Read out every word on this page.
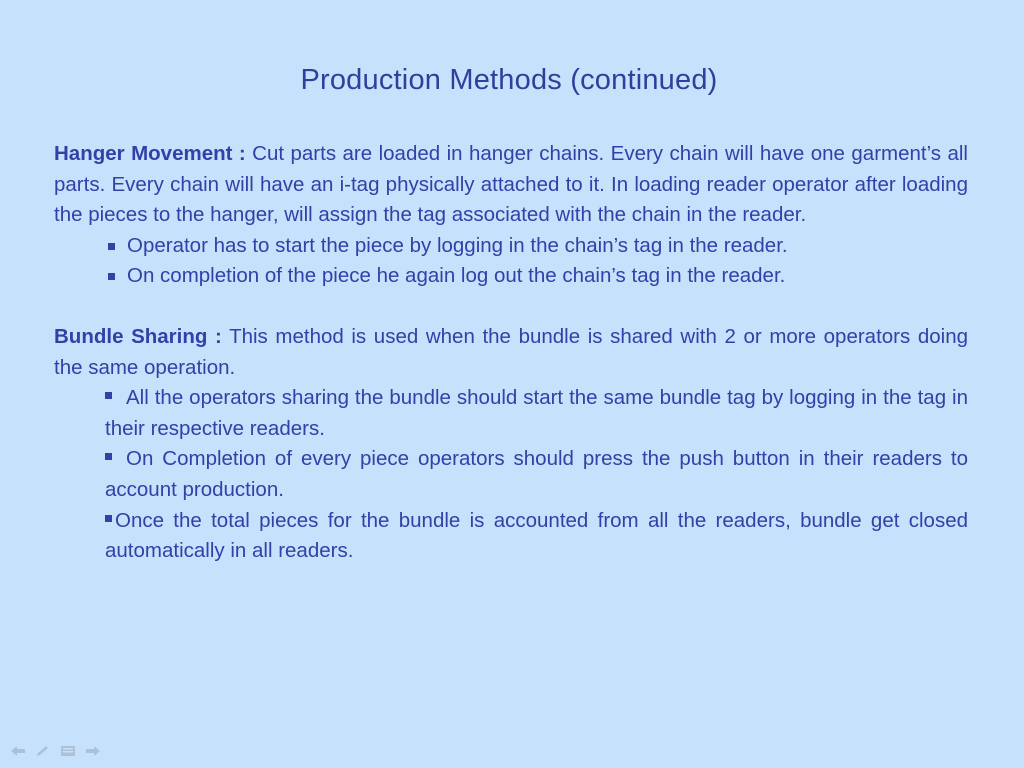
Production Methods (continued)

Hanger Movement : Cut parts are loaded in hanger chains. Every chain will have one garment’s all parts. Every chain will have an i-tag physically attached to it. In loading reader operator after loading the pieces to the hanger, will assign the tag associated with the chain in the reader.

Operator has to start the piece by logging in the chain’s tag in the reader.
On completion of the piece he again log out the chain’s tag in the reader.

Bundle Sharing : This method is used when the bundle is shared with 2 or more operators doing the same operation.

All the operators sharing the bundle should start the same bundle tag by logging in the tag in their respective readers.
On Completion of every piece operators should press the push button in their readers to account production.
Once the total pieces for the bundle is accounted from all the readers, bundle get closed automatically in all readers.
